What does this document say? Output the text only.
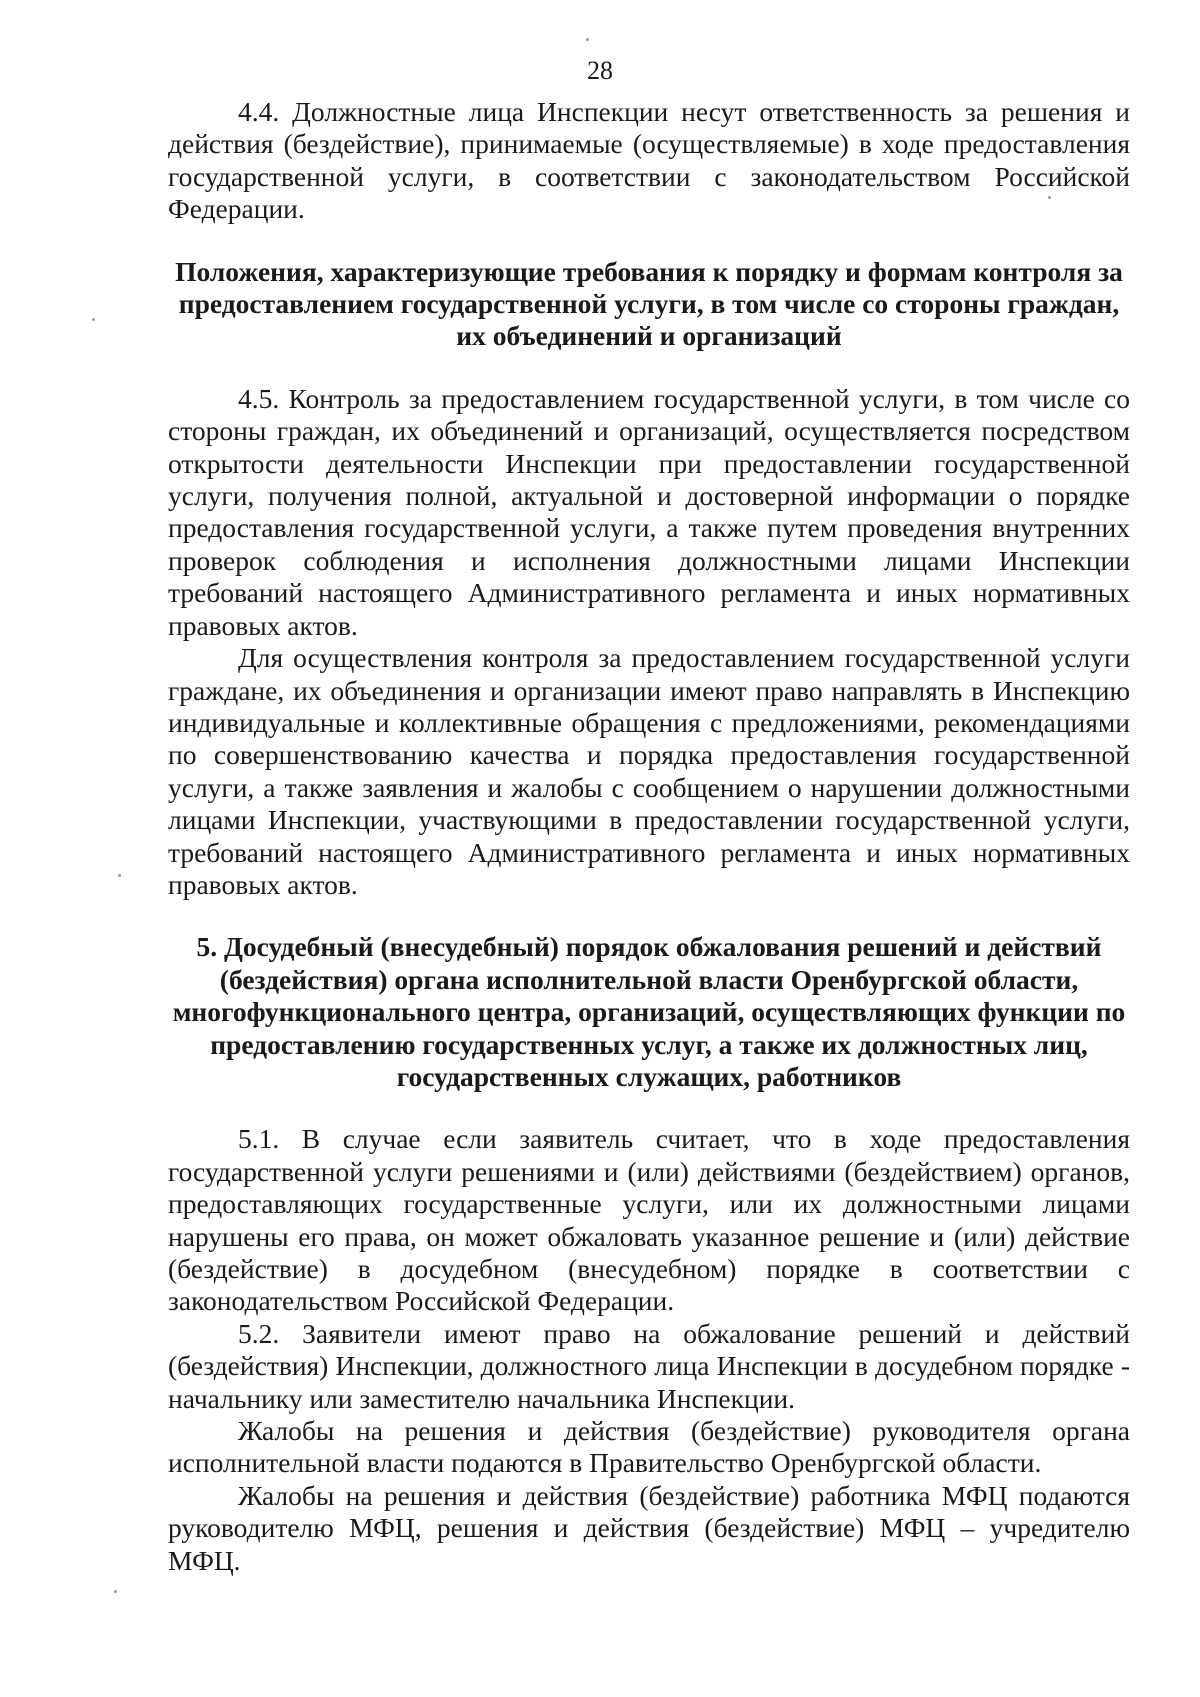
28

4.4. Должностные лица Инспекции несут ответственность за решения и действия (бездействие), принимаемые (осуществляемые) в ходе предоставления государственной услуги, в соответствии с законодательством Российской Федерации.

Положения, характеризующие требования к порядку и формам контроля за предоставлением государственной услуги, в том числе со стороны граждан, их объединений и организаций

4.5. Контроль за предоставлением государственной услуги, в том числе со стороны граждан, их объединений и организаций, осуществляется посредством открытости деятельности Инспекции при предоставлении государственной услуги, получения полной, актуальной и достоверной информации о порядке предоставления государственной услуги, а также путем проведения внутренних проверок соблюдения и исполнения должностными лицами Инспекции требований настоящего Административного регламента и иных нормативных правовых актов.

Для осуществления контроля за предоставлением государственной услуги граждане, их объединения и организации имеют право направлять в Инспекцию индивидуальные и коллективные обращения с предложениями, рекомендациями по совершенствованию качества и порядка предоставления государственной услуги, а также заявления и жалобы с сообщением о нарушении должностными лицами Инспекции, участвующими в предоставлении государственной услуги, требований настоящего Административного регламента и иных нормативных правовых актов.

5. Досудебный (внесудебный) порядок обжалования решений и действий (бездействия) органа исполнительной власти Оренбургской области, многофункционального центра, организаций, осуществляющих функции по предоставлению государственных услуг, а также их должностных лиц, государственных служащих, работников

5.1. В случае если заявитель считает, что в ходе предоставления государственной услуги решениями и (или) действиями (бездействием) органов, предоставляющих государственные услуги, или их должностными лицами нарушены его права, он может обжаловать указанное решение и (или) действие (бездействие) в досудебном (внесудебном) порядке в соответствии с законодательством Российской Федерации.

5.2. Заявители имеют право на обжалование решений и действий (бездействия) Инспекции, должностного лица Инспекции в досудебном порядке - начальнику или заместителю начальника Инспекции.

Жалобы на решения и действия (бездействие) руководителя органа исполнительной власти подаются в Правительство Оренбургской области.

Жалобы на решения и действия (бездействие) работника МФЦ подаются руководителю МФЦ, решения и действия (бездействие) МФЦ – учредителю МФЦ.
